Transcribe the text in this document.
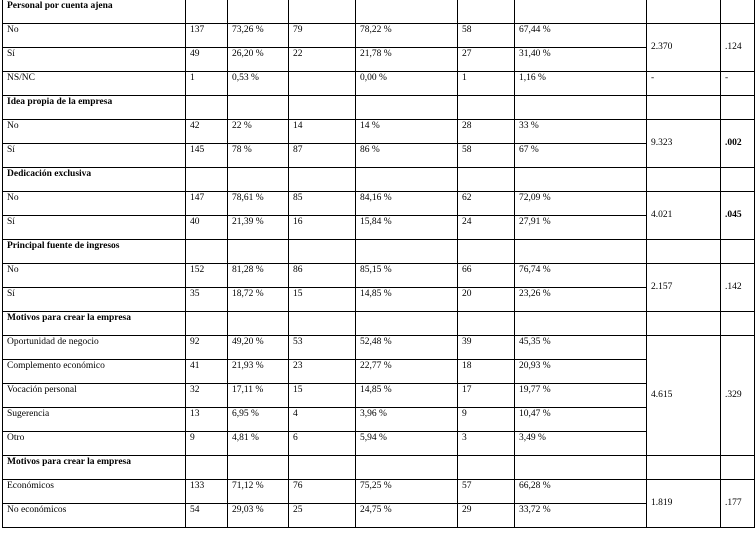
Personal por cuenta ajena								
No	137	73,26 %	79	78,22 %	58	67,44 %	2.370	.124
Sí	49	26,20 %	22	21,78 %	27	31,40 %		
NS/NC	1	0,53 %		0,00 %	1	1,16 %	-	-
Idea propia de la empresa								
No	42	22 %	14	14 %	28	33 %	9.323	.002
Sí	145	78 %	87	86 %	58	67 %		
Dedicación exclusiva								
No	147	78,61 %	85	84,16 %	62	72,09 %	4.021	.045
Sí	40	21,39 %	16	15,84 %	24	27,91 %		
Principal fuente de ingresos								
No	152	81,28 %	86	85,15 %	66	76,74 %	2.157	.142
Sí	35	18,72 %	15	14,85 %	20	23,26 %		
Motivos para crear la empresa								
Oportunidad de negocio	92	49,20 %	53	52,48 %	39	45,35 %	4.615	.329
Complemento económico	41	21,93 %	23	22,77 %	18	20,93 %		
Vocación personal	32	17,11 %	15	14,85 %	17	19,77 %		
Sugerencia	13	6,95 %	4	3,96 %	9	10,47 %		
Otro	9	4,81 %	6	5,94 %	3	3,49 %		
Motivos para crear la empresa								
Económicos	133	71,12 %	76	75,25 %	57	66,28 %	1.819	.177
No económicos	54	29,03 %	25	24,75 %	29	33,72 %		
